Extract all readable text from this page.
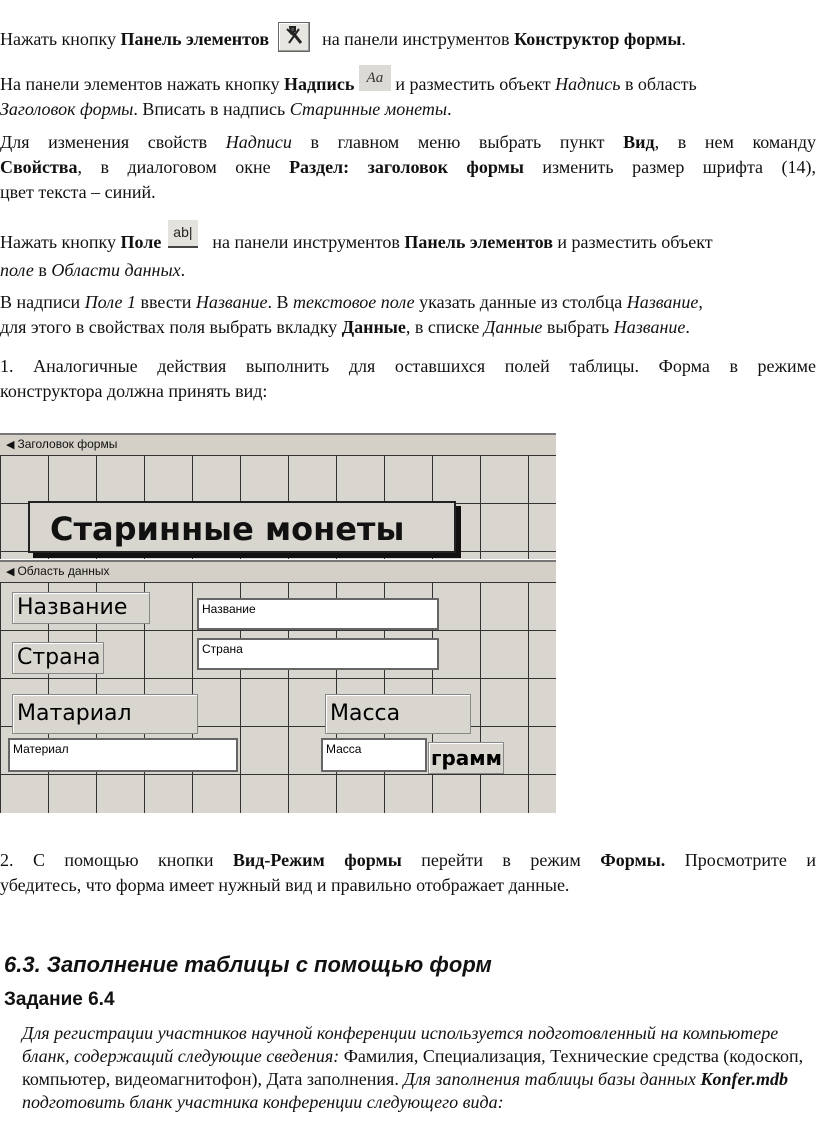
Нажать кнопку Панель элементов	на панели инструментов Конструктор формы.
На панели элементов нажать кнопку Надпись Aa и разместить объект Надпись в область
Заголовок формы. Вписать в надпись Старинные монеты.
Для изменения свойств Надписи в главном меню выбрать пункт Вид, в нем команду
Свойства, в диалоговом окне Раздел: заголовок формы изменить размер шрифта (14),
цвет текста – синий.
Нажать кнопку Поле ab| на панели инструментов Панель элементов и разместить объект
поле в Области данных.
В надписи Поле 1 ввести Название. В текстовое поле указать данные из столбца Название,
для этого в свойствах поля выбрать вкладку Данные, в списке Данные выбрать Название.
1. Аналогичные действия выполнить для оставшихся полей таблицы. Форма в режиме
конструктора должна принять вид:
◀ Заголовок формы
Старинные монеты
◀ Область данных
Название	Название
Страна	Страна
Матариал	Масса
Материал	Масса	грамм
2. С помощью кнопки Вид-Режим формы перейти в режим Формы. Просмотрите и
убедитесь, что форма имеет нужный вид и правильно отображает данные.
6.3. Заполнение таблицы с помощью форм
Задание 6.4
Для регистрации участников научной конференции используется подготовленный на компьютере бланк, содержащий следующие сведения: Фамилия, Специализация, Технические средства (кодоскоп, компьютер, видеомагнитофон), Дата заполнения. Для заполнения таблицы базы данных Konfer.mdb подготовить бланк участника конференции следующего вида:
